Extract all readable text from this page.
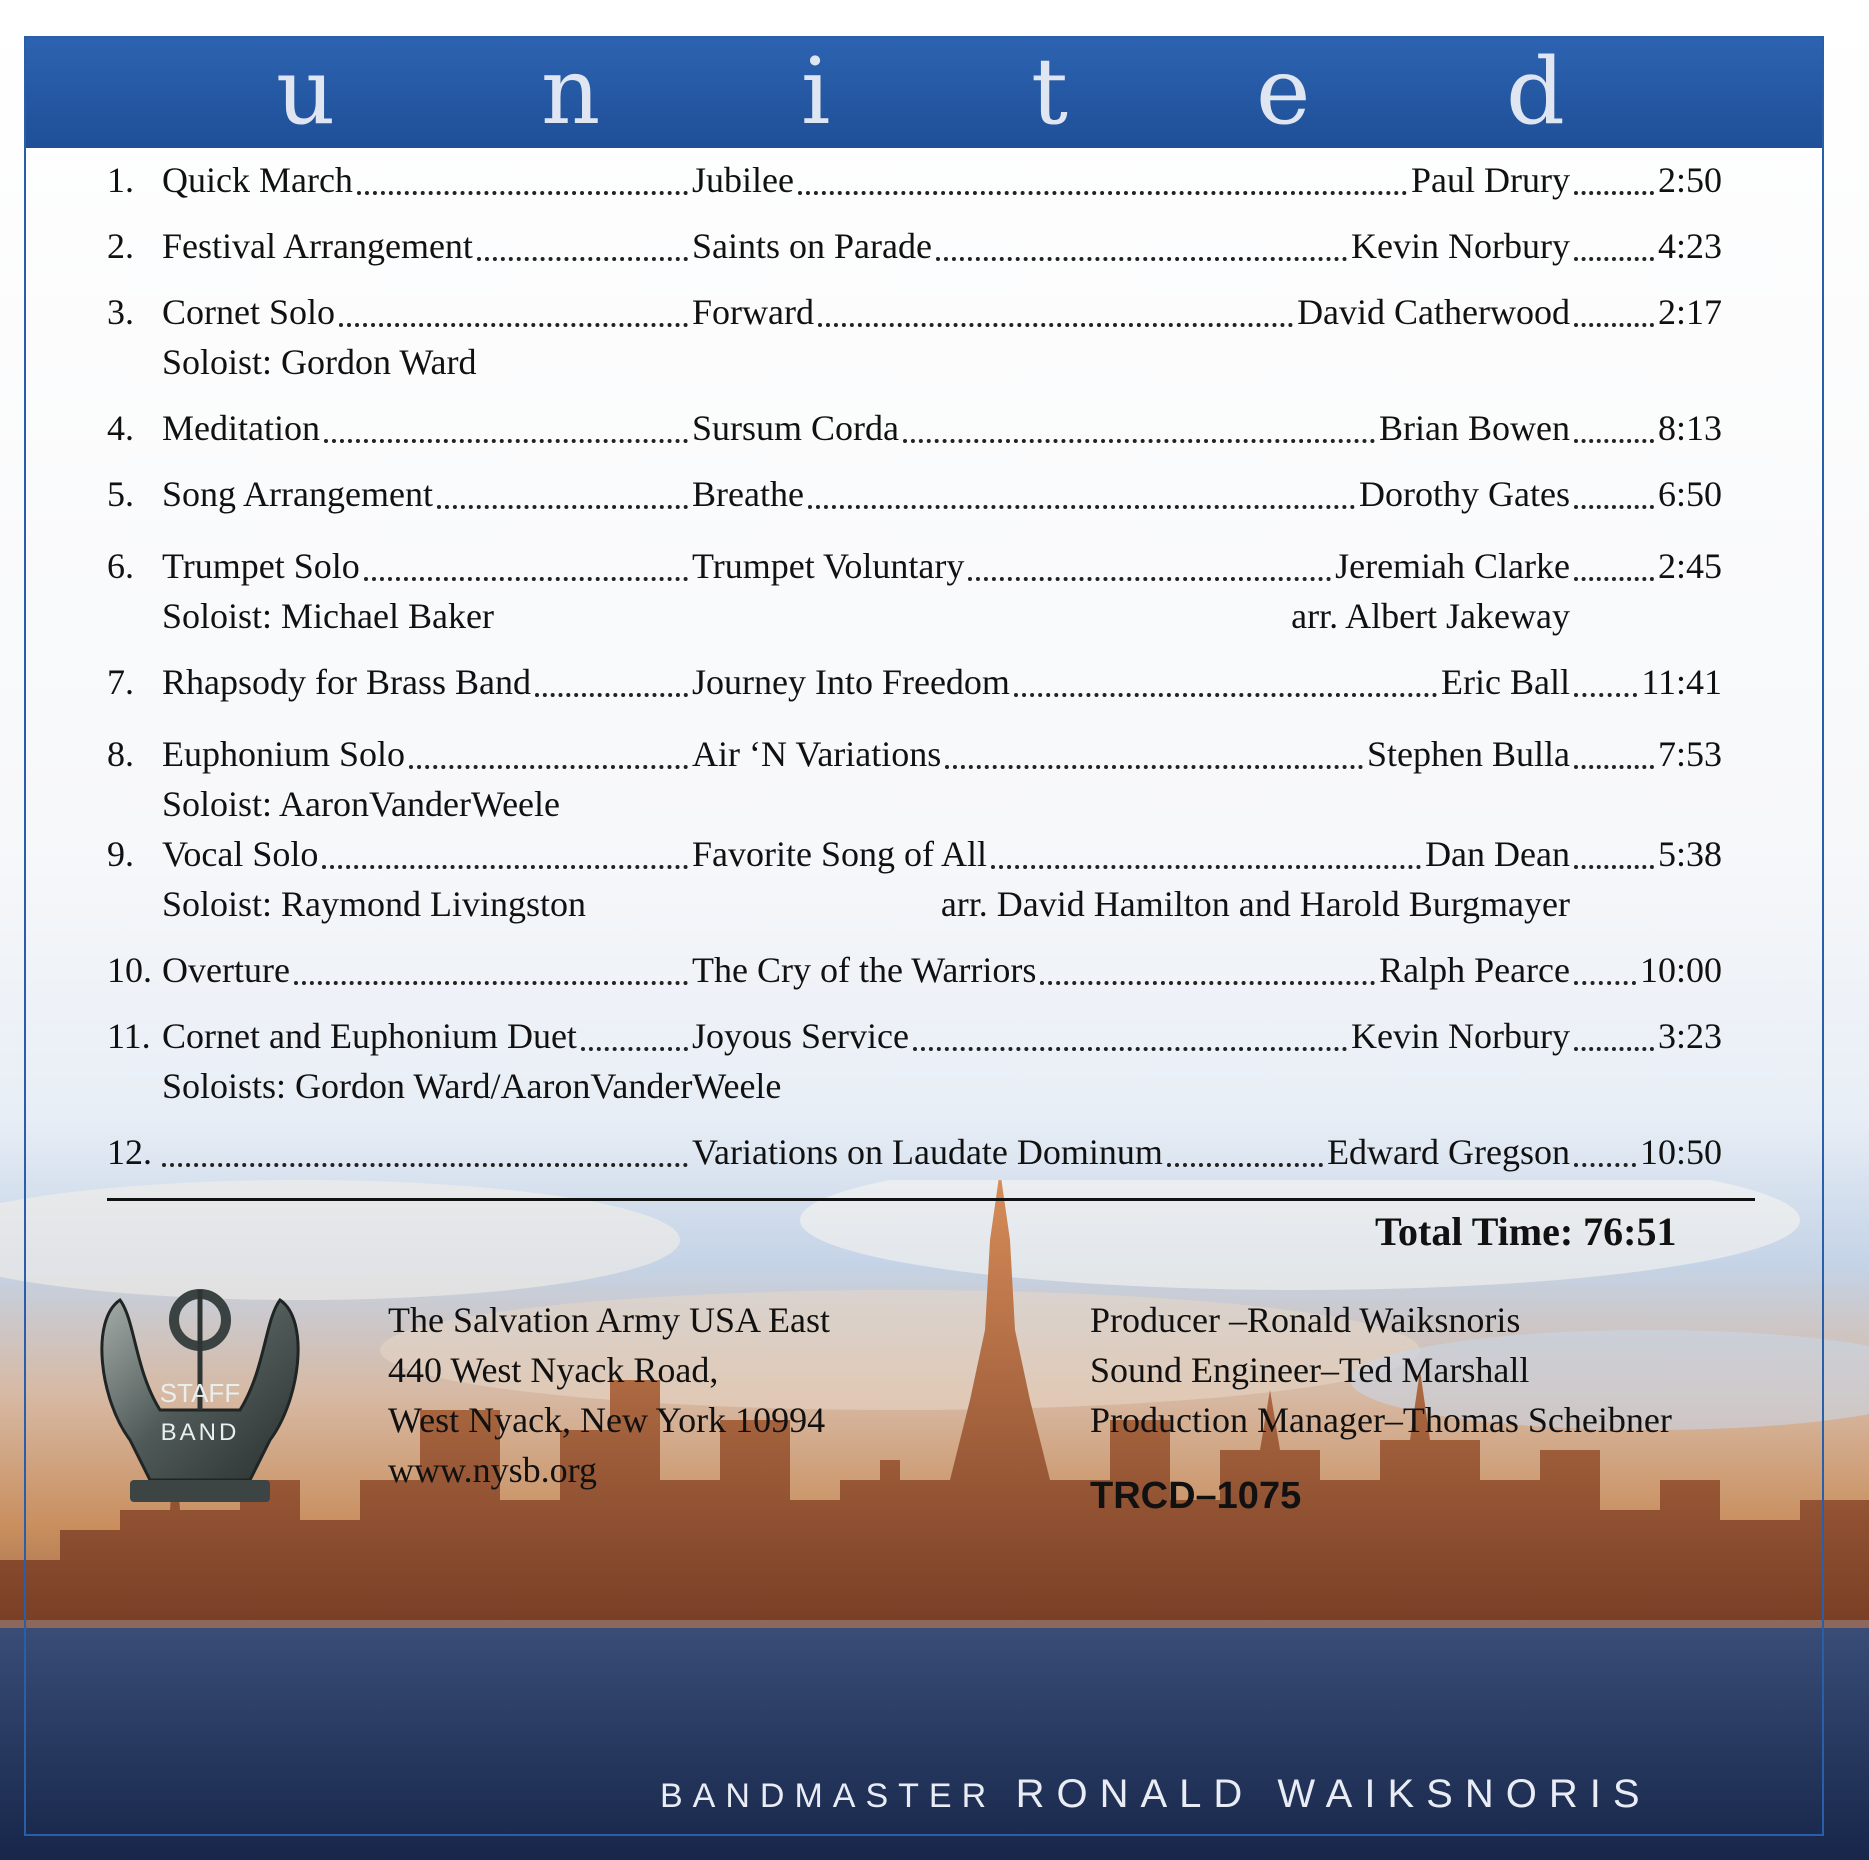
u n i t e d
1. Quick March	Jubilee	Paul Drury 2:50
2. Festival Arrangement	Saints on Parade	Kevin Norbury 4:23
3. Cornet Solo	Forward	David Catherwood 2:17
Soloist: Gordon Ward
4. Meditation	Sursum Corda	Brian Bowen 8:13
5. Song Arrangement	Breathe	Dorothy Gates 6:50
6. Trumpet Solo	Trumpet Voluntary	Jeremiah Clarke 2:45
Soloist: Michael Baker	arr. Albert Jakeway
7. Rhapsody for Brass Band	Journey Into Freedom	Eric Ball 11:41
8. Euphonium Solo	Air ‘N Variations	Stephen Bulla 7:53
Soloist: AaronVanderWeele
9. Vocal Solo	Favorite Song of All	Dan Dean 5:38
Soloist: Raymond Livingston	arr. David Hamilton and Harold Burgmayer
10. Overture	The Cry of the Warriors	Ralph Pearce 10:00
11. Cornet and Euphonium Duet	Joyous Service	Kevin Norbury 3:23
Soloists: Gordon Ward/AaronVanderWeele
12.	Variations on Laudate Dominum	Edward Gregson 10:50
Total Time: 76:51
STAFF
BAND
The Salvation Army USA East
440 West Nyack Road,
West Nyack, New York 10994
www.nysb.org
Producer –Ronald Waiksnoris
Sound Engineer–Ted Marshall
Production Manager–Thomas Scheibner
TRCD–1075
BANDMASTER RONALD WAIKSNORIS
